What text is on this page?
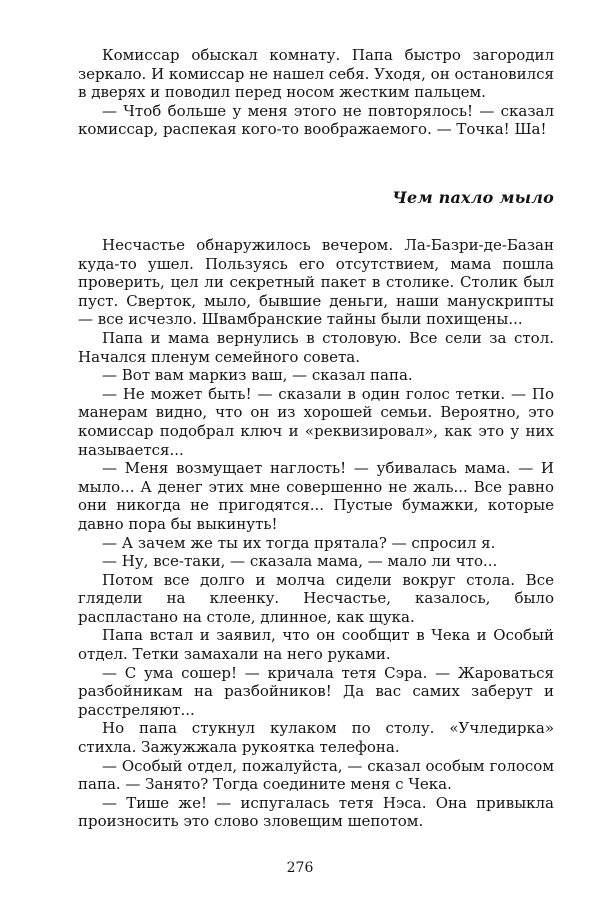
Комиссар обыскал комнату. Папа быстро загородил зеркало. И комиссар не нашел себя. Уходя, он остановился в дверях и поводил перед носом жестким пальцем.

— Чтоб больше у меня этого не повторялось! — сказал комиссар, распекая кого-то воображаемого. — Точка! Ша!

Чем пахло мыло

Несчастье обнаружилось вечером. Ла-Базри-де-Базан куда-то ушел. Пользуясь его отсутствием, мама пошла проверить, цел ли секретный пакет в столике. Столик был пуст. Сверток, мыло, бывшие деньги, наши манускрипты — все исчезло. Швамбранские тайны были похищены...

Папа и мама вернулись в столовую. Все сели за стол. Начался пленум семейного совета.

— Вот вам маркиз ваш, — сказал папа.

— Не может быть! — сказали в один голос тетки. — По манерам видно, что он из хорошей семьи. Вероятно, это комиссар подобрал ключ и «реквизировал», как это у них называется...

— Меня возмущает наглость! — убивалась мама. — И мыло... А денег этих мне совершенно не жаль... Все равно они никогда не пригодятся... Пустые бумажки, которые давно пора бы выкинуть!

— А зачем же ты их тогда прятала? — спросил я.

— Ну, все-таки, — сказала мама, — мало ли что...

Потом все долго и молча сидели вокруг стола. Все глядели на клеенку. Несчастье, казалось, было распластано на столе, длинное, как щука.

Папа встал и заявил, что он сообщит в Чека и Особый отдел. Тетки замахали на него руками.

— С ума сошер! — кричала тетя Сэра. — Жароваться разбойникам на разбойников! Да вас самих заберут и расстреляют...

Но папа стукнул кулаком по столу. «Учледирка» стихла. Зажужжала рукоятка телефона.

— Особый отдел, пожалуйста, — сказал особым голосом папа. — Занято? Тогда соедините меня с Чека.

— Тише же! — испугалась тетя Нэса. Она привыкла произносить это слово зловещим шепотом.

276
